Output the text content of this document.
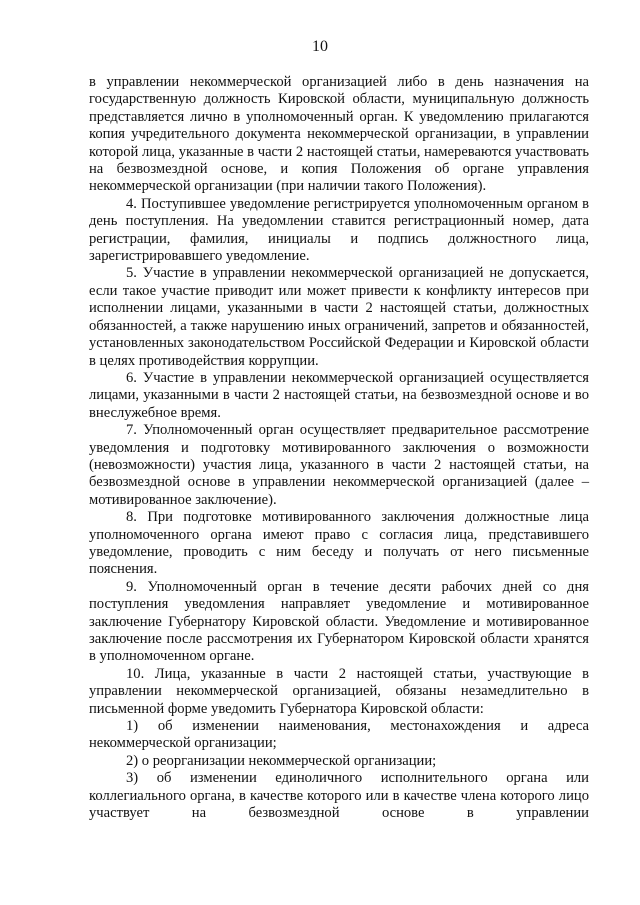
10

в управлении некоммерческой организацией либо в день назначения на государственную должность Кировской области, муниципальную должность представляется лично в уполномоченный орган. К уведомлению прилагаются копия учредительного документа некоммерческой организации, в управлении которой лица, указанные в части 2 настоящей статьи, намереваются участвовать на безвозмездной основе, и копия Положения об органе управления некоммерческой организации (при наличии такого Положения).

4. Поступившее уведомление регистрируется уполномоченным органом в день поступления. На уведомлении ставится регистрационный номер, дата регистрации, фамилия, инициалы и подпись должностного лица, зарегистрировавшего уведомление.

5. Участие в управлении некоммерческой организацией не допускается, если такое участие приводит или может привести к конфликту интересов при исполнении лицами, указанными в части 2 настоящей статьи, должностных обязанностей, а также нарушению иных ограничений, запретов и обязанностей, установленных законодательством Российской Федерации и Кировской области в целях противодействия коррупции.

6. Участие в управлении некоммерческой организацией осуществляется лицами, указанными в части 2 настоящей статьи, на безвозмездной основе и во внеслужебное время.

7. Уполномоченный орган осуществляет предварительное рассмотрение уведомления и подготовку мотивированного заключения о возможности (невозможности) участия лица, указанного в части 2 настоящей статьи, на безвозмездной основе в управлении некоммерческой организацией (далее – мотивированное заключение).

8. При подготовке мотивированного заключения должностные лица уполномоченного органа имеют право с согласия лица, представившего уведомление, проводить с ним беседу и получать от него письменные пояснения.

9. Уполномоченный орган в течение десяти рабочих дней со дня поступления уведомления направляет уведомление и мотивированное заключение Губернатору Кировской области. Уведомление и мотивированное заключение после рассмотрения их Губернатором Кировской области хранятся в уполномоченном органе.

10. Лица, указанные в части 2 настоящей статьи, участвующие в управлении некоммерческой организацией, обязаны незамедлительно в письменной форме уведомить Губернатора Кировской области:

1) об изменении наименования, местонахождения и адреса некоммерческой организации;

2) о реорганизации некоммерческой организации;

3) об изменении единоличного исполнительного органа или коллегиального органа, в качестве которого или в качестве члена которого лицо участвует на безвозмездной основе в управлении
